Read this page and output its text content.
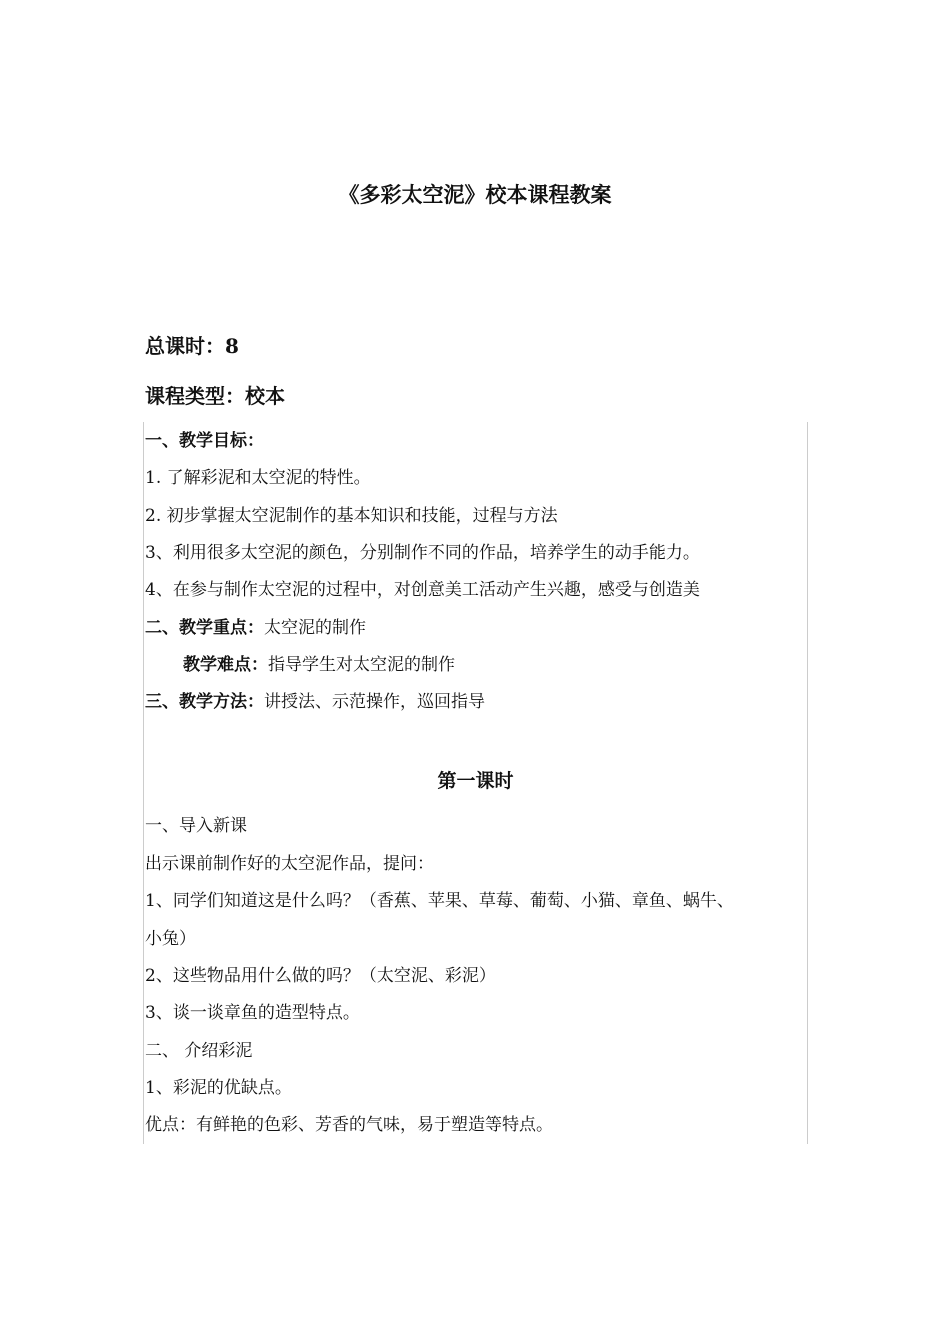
《多彩太空泥》校本课程教案
总课时：8
课程类型：校本
一、教学目标：
1. 了解彩泥和太空泥的特性。
2. 初步掌握太空泥制作的基本知识和技能，过程与方法
3、利用很多太空泥的颜色，分别制作不同的作品，培养学生的动手能力。
4、在参与制作太空泥的过程中，对创意美工活动产生兴趣，感受与创造美
二、教学重点：太空泥的制作
教学难点：指导学生对太空泥的制作
三、教学方法：讲授法、示范操作，巡回指导
第一课时
一、导入新课
出示课前制作好的太空泥作品，提问：
1、同学们知道这是什么吗？（香蕉、苹果、草莓、葡萄、小猫、章鱼、蜗牛、
小兔）
2、这些物品用什么做的吗？（太空泥、彩泥）
3、谈一谈章鱼的造型特点。
二、 介绍彩泥
1、彩泥的优缺点。
优点：有鲜艳的色彩、芳香的气味，易于塑造等特点。
